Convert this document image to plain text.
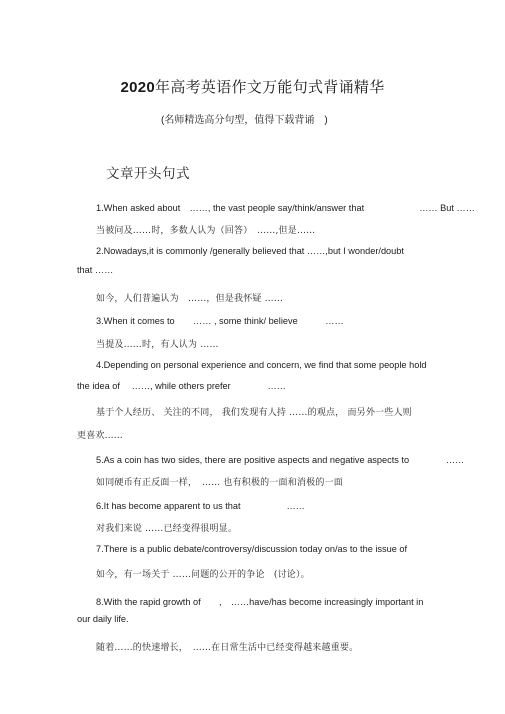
2020年高考英语作文万能句式背诵精华
(名师精选高分句型，值得下载背诵　)
文章开头句式
1.When asked about　……, the vast people say/think/answer that　　　　　　…… But ……
当被问及……时，多数人认为（回答）　……,但是……
2.Nowadays,it is commonly /generally believed that ……,but I wonder/doubt
that ……
如今，人们普遍认为　……，但是我怀疑 ……
3.When it comes to　　…… , some think/ believe　　　……
当提及……时，有人认为 ……
4.Depending on personal experience and concern, we find that some people hold
the idea of　 ……, while others prefer　　　　……
基于个人经历、 关注的不同， 我们发现有人持 ……的观点， 而另外一些人则
更喜欢……
5.As a coin has two sides, there are positive aspects and negative aspects to　　　　……
如同硬币有正反面一样，　…… 也有积极的一面和消极的一面
6.It has become apparent to us that　　　　　……
对我们来说 ……已经变得很明显。
7.There is a public debate/controversy/discussion today on/as to the issue of
如今，有一场关于 ……问题的公开的争论　(讨论）。
8.With the rapid growth of　　,　……have/has become increasingly important in
our daily life.
随着……的快速增长，　……在日常生活中已经变得越来越重要。
